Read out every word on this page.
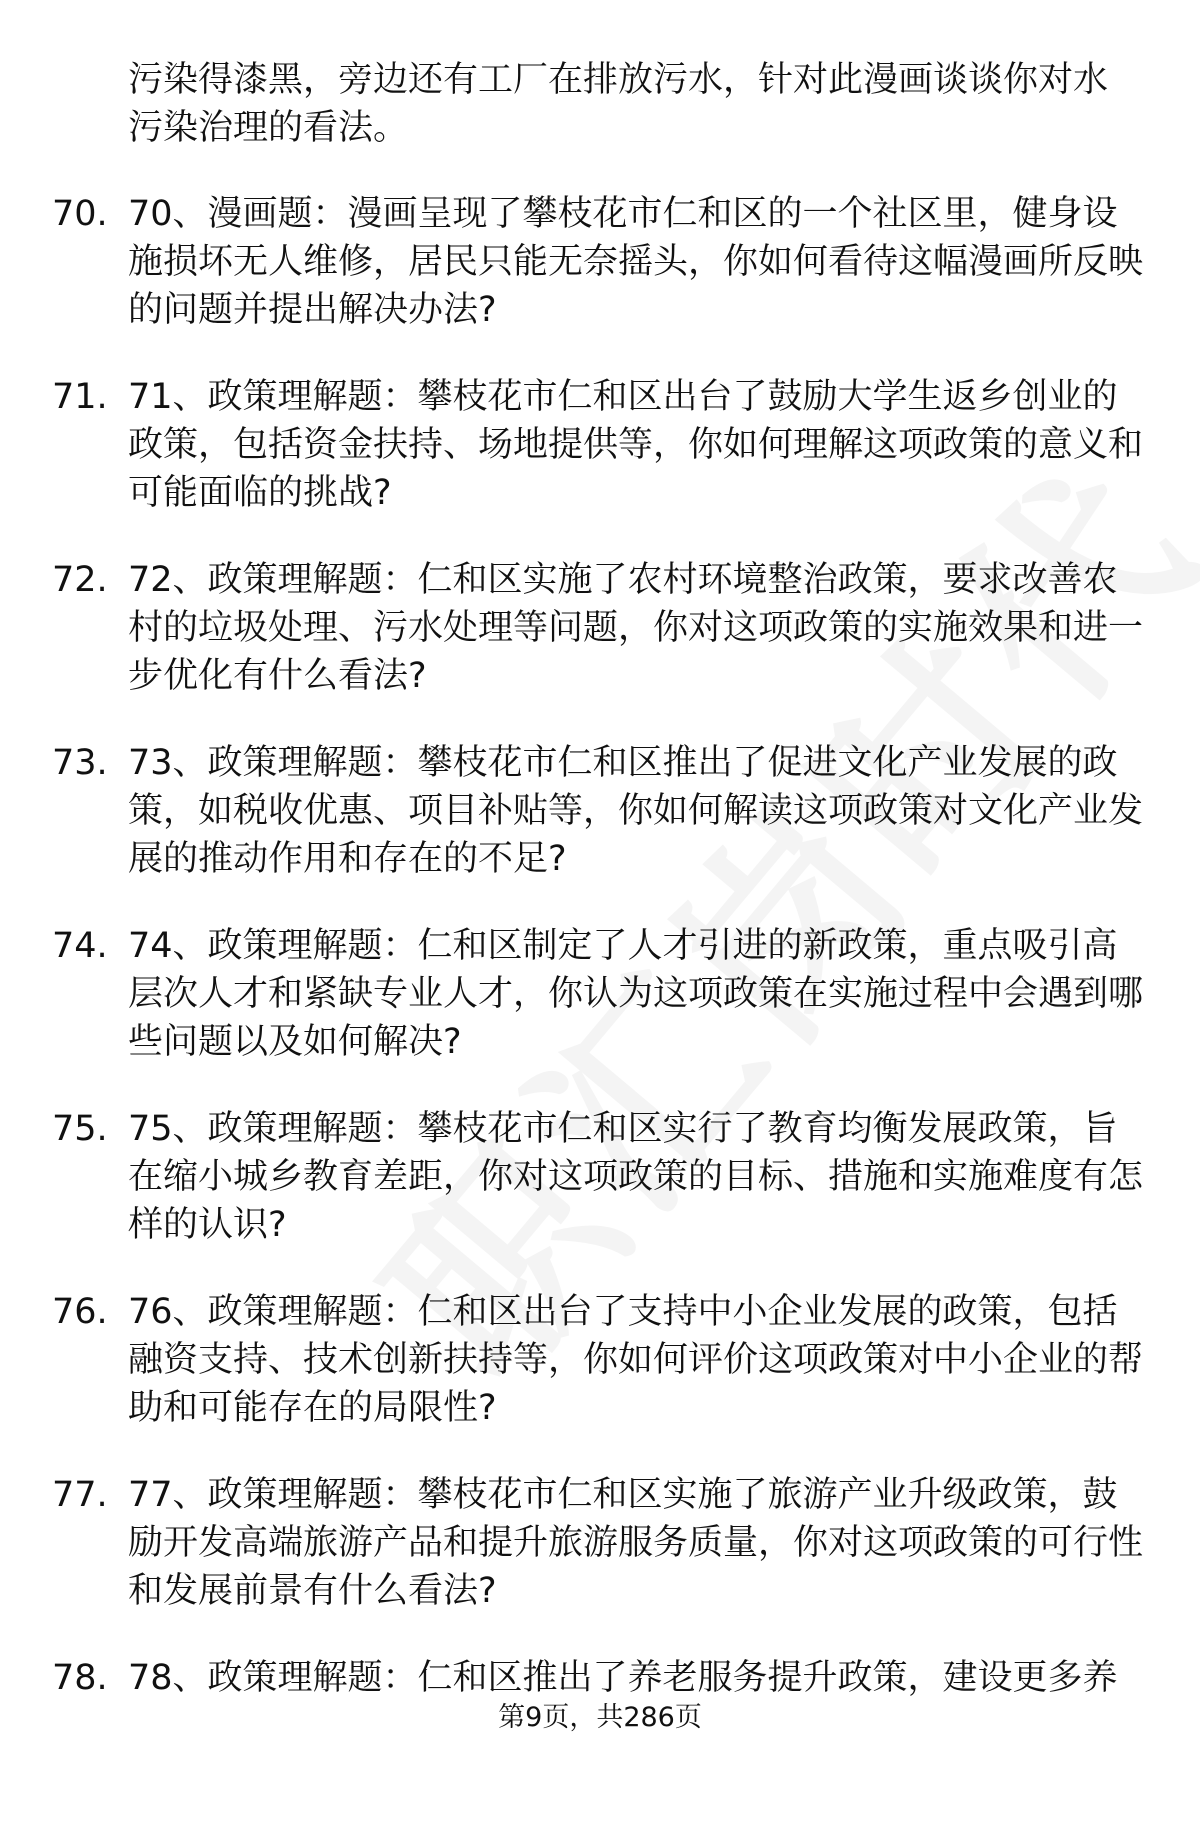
污染得漆黑，旁边还有工厂在排放污水，针对此漫画谈谈你对水
污染治理的看法。
70. 70、漫画题：漫画呈现了攀枝花市仁和区的一个社区里，健身设施损坏无人维修，居民只能无奈摇头，你如何看待这幅漫画所反映的问题并提出解决办法?
71. 71、政策理解题：攀枝花市仁和区出台了鼓励大学生返乡创业的政策，包括资金扶持、场地提供等，你如何理解这项政策的意义和可能面临的挑战?
72. 72、政策理解题：仁和区实施了农村环境整治政策，要求改善农村的垃圾处理、污水处理等问题，你对这项政策的实施效果和进一步优化有什么看法?
73. 73、政策理解题：攀枝花市仁和区推出了促进文化产业发展的政策，如税收优惠、项目补贴等，你如何解读这项政策对文化产业发展的推动作用和存在的不足?
74. 74、政策理解题：仁和区制定了人才引进的新政策，重点吸引高层次人才和紧缺专业人才，你认为这项政策在实施过程中会遇到哪些问题以及如何解决?
75. 75、政策理解题：攀枝花市仁和区实行了教育均衡发展政策，旨在缩小城乡教育差距，你对这项政策的目标、措施和实施难度有怎样的认识?
76. 76、政策理解题：仁和区出台了支持中小企业发展的政策，包括融资支持、技术创新扶持等，你如何评价这项政策对中小企业的帮助和可能存在的局限性?
77. 77、政策理解题：攀枝花市仁和区实施了旅游产业升级政策，鼓励开发高端旅游产品和提升旅游服务质量，你对这项政策的可行性和发展前景有什么看法?
78. 78、政策理解题：仁和区推出了养老服务提升政策，建设更多养
第9页，共286页
